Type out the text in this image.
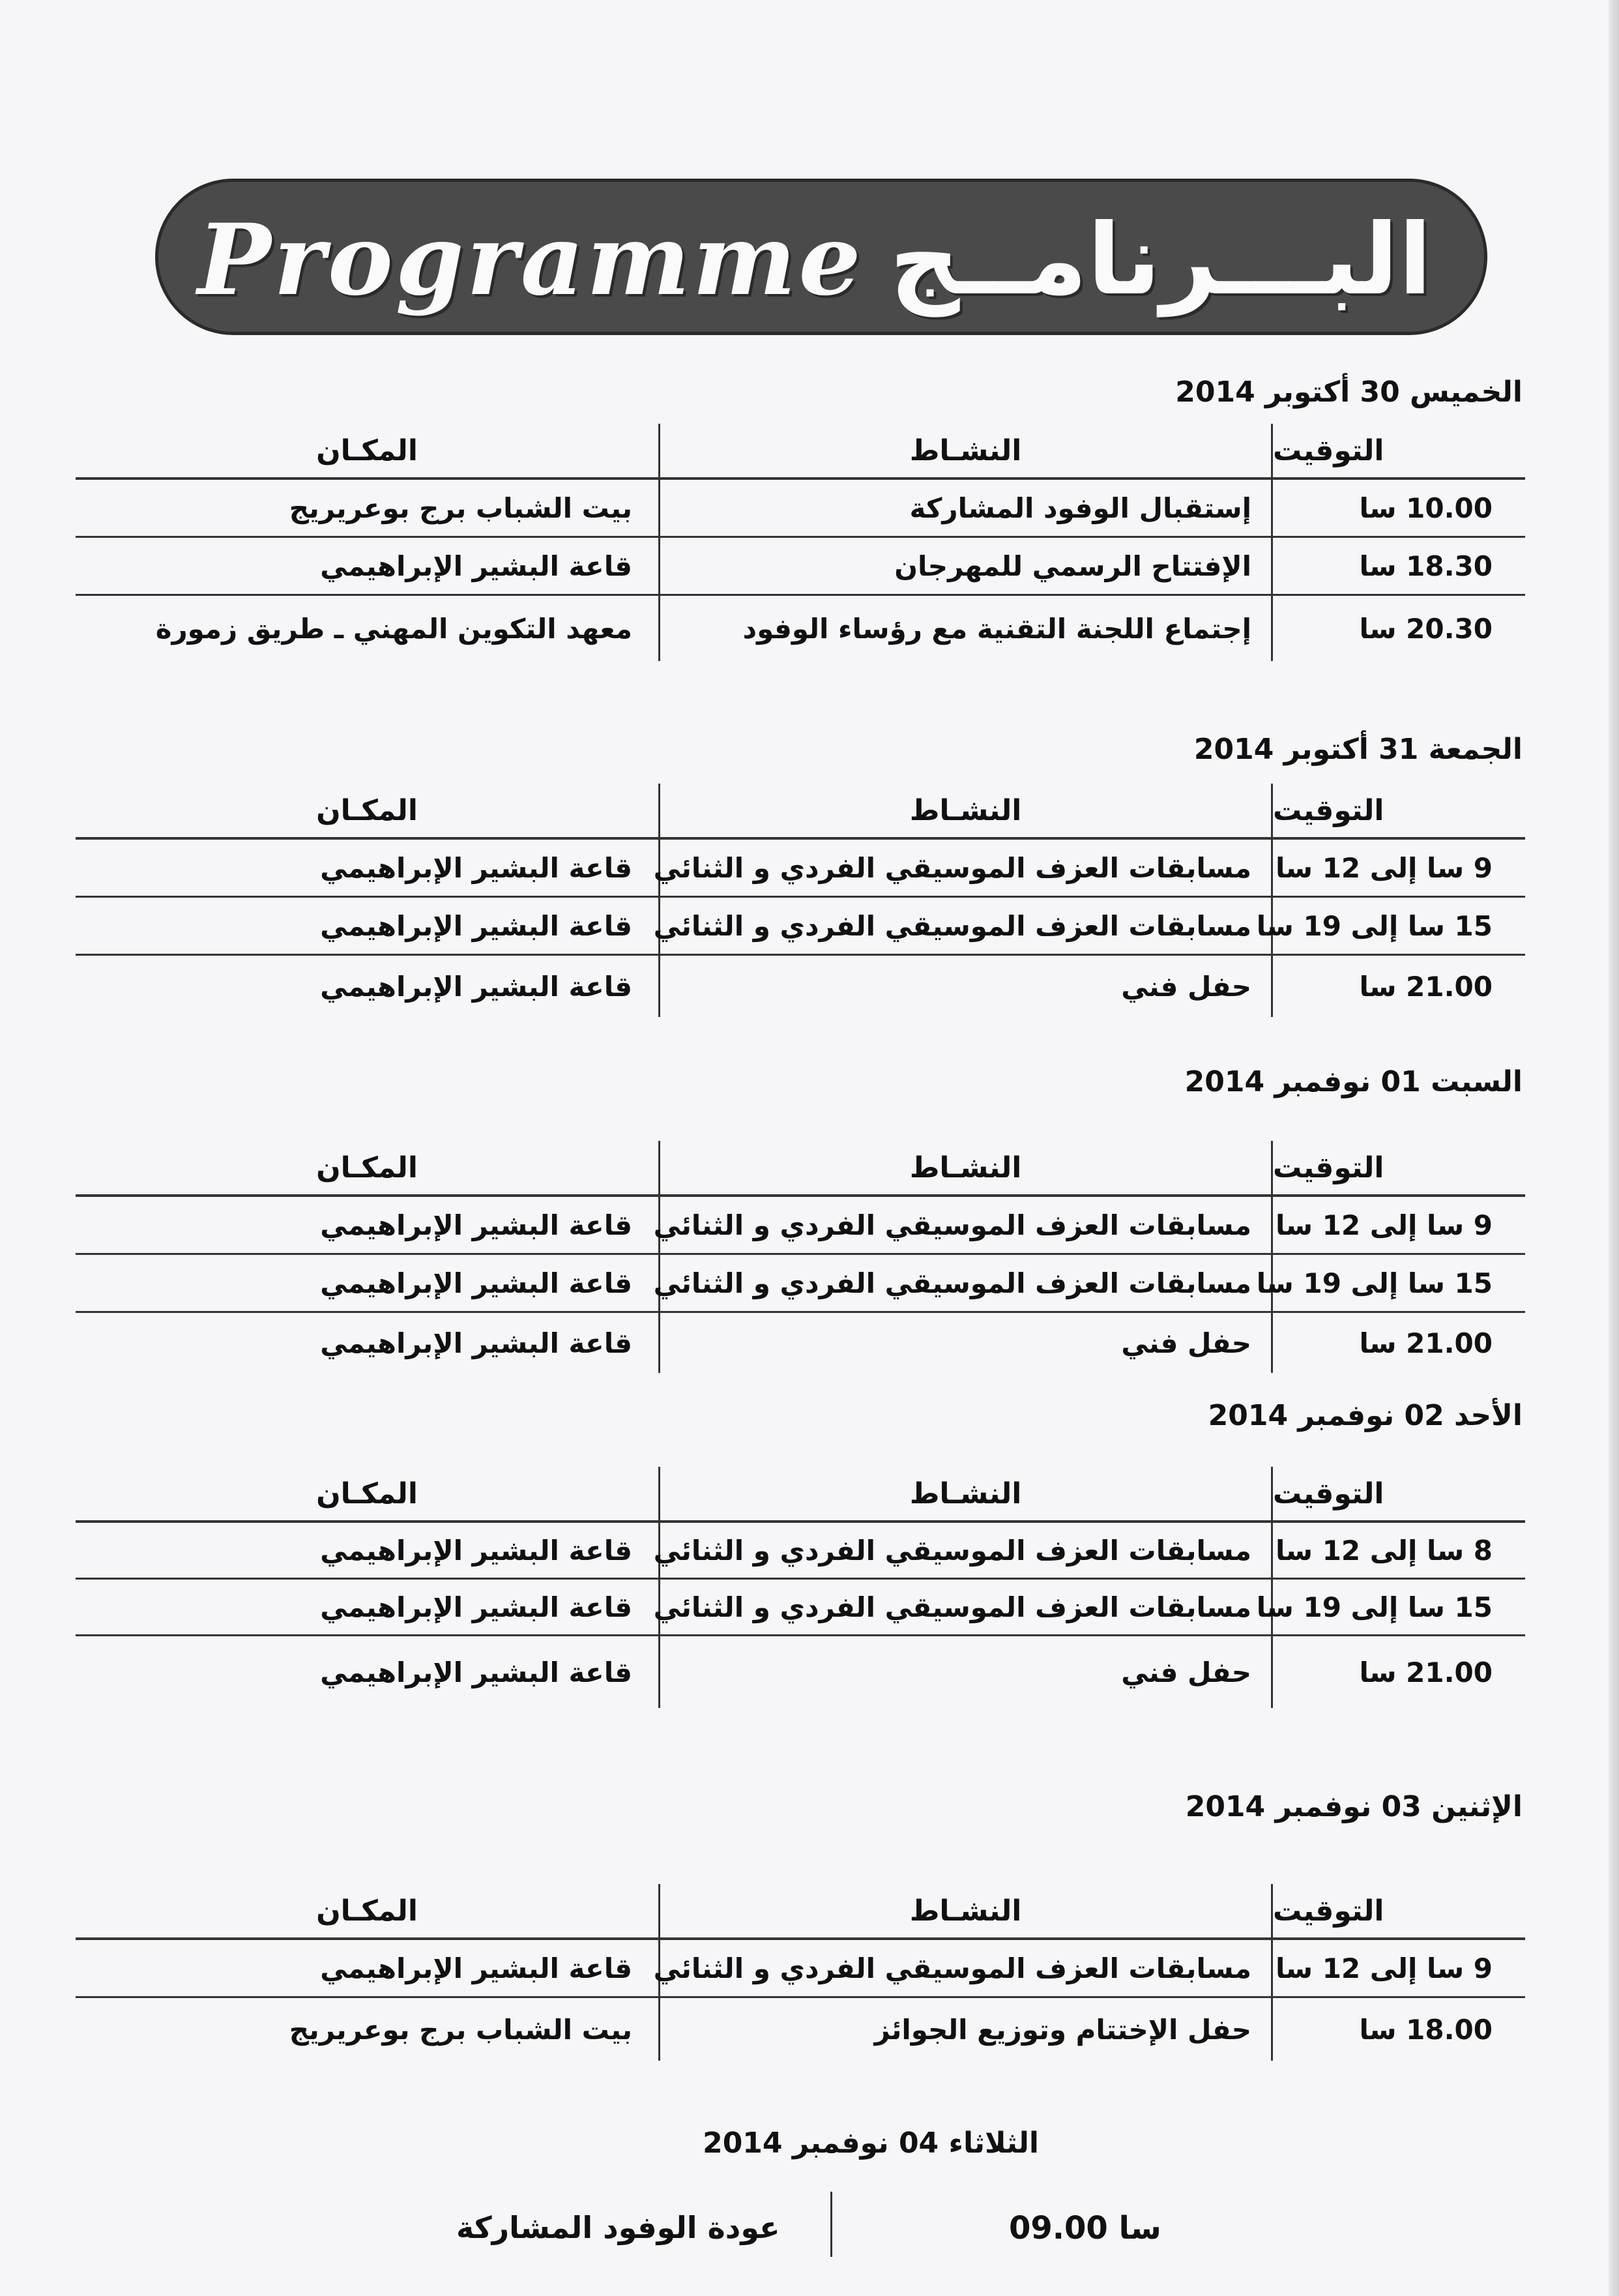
Programme البـــرنامــج
الخميس 30 أكتوبر 2014
التوقيت
النشـاط
المكـان
10.00 سا
إستقبال الوفود المشاركة
بيت الشباب برج بوعريريج
18.30 سا
الإفتتاح الرسمي للمهرجان
قاعة البشير الإبراهيمي
20.30 سا
إجتماع اللجنة التقنية مع رؤساء الوفود
معهد التكوين المهني ـ طريق زمورة
الجمعة 31 أكتوبر 2014
التوقيت
النشـاط
المكـان
9 سا إلى 12 سا
مسابقات العزف الموسيقي الفردي و الثنائي
قاعة البشير الإبراهيمي
15 سا إلى 19 سا
مسابقات العزف الموسيقي الفردي و الثنائي
قاعة البشير الإبراهيمي
21.00 سا
حفل فني
قاعة البشير الإبراهيمي
السبت 01 نوفمبر 2014
التوقيت
النشـاط
المكـان
9 سا إلى 12 سا
مسابقات العزف الموسيقي الفردي و الثنائي
قاعة البشير الإبراهيمي
15 سا إلى 19 سا
مسابقات العزف الموسيقي الفردي و الثنائي
قاعة البشير الإبراهيمي
21.00 سا
حفل فني
قاعة البشير الإبراهيمي
الأحد 02 نوفمبر 2014
التوقيت
النشـاط
المكـان
8 سا إلى 12 سا
مسابقات العزف الموسيقي الفردي و الثنائي
قاعة البشير الإبراهيمي
15 سا إلى 19 سا
مسابقات العزف الموسيقي الفردي و الثنائي
قاعة البشير الإبراهيمي
21.00 سا
حفل فني
قاعة البشير الإبراهيمي
الإثنين 03 نوفمبر 2014
التوقيت
النشـاط
المكـان
9 سا إلى 12 سا
مسابقات العزف الموسيقي الفردي و الثنائي
قاعة البشير الإبراهيمي
18.00 سا
حفل الإختتام وتوزيع الجوائز
بيت الشباب برج بوعريريج
الثلاثاء 04 نوفمبر 2014
09.00 سا
عودة الوفود المشاركة
